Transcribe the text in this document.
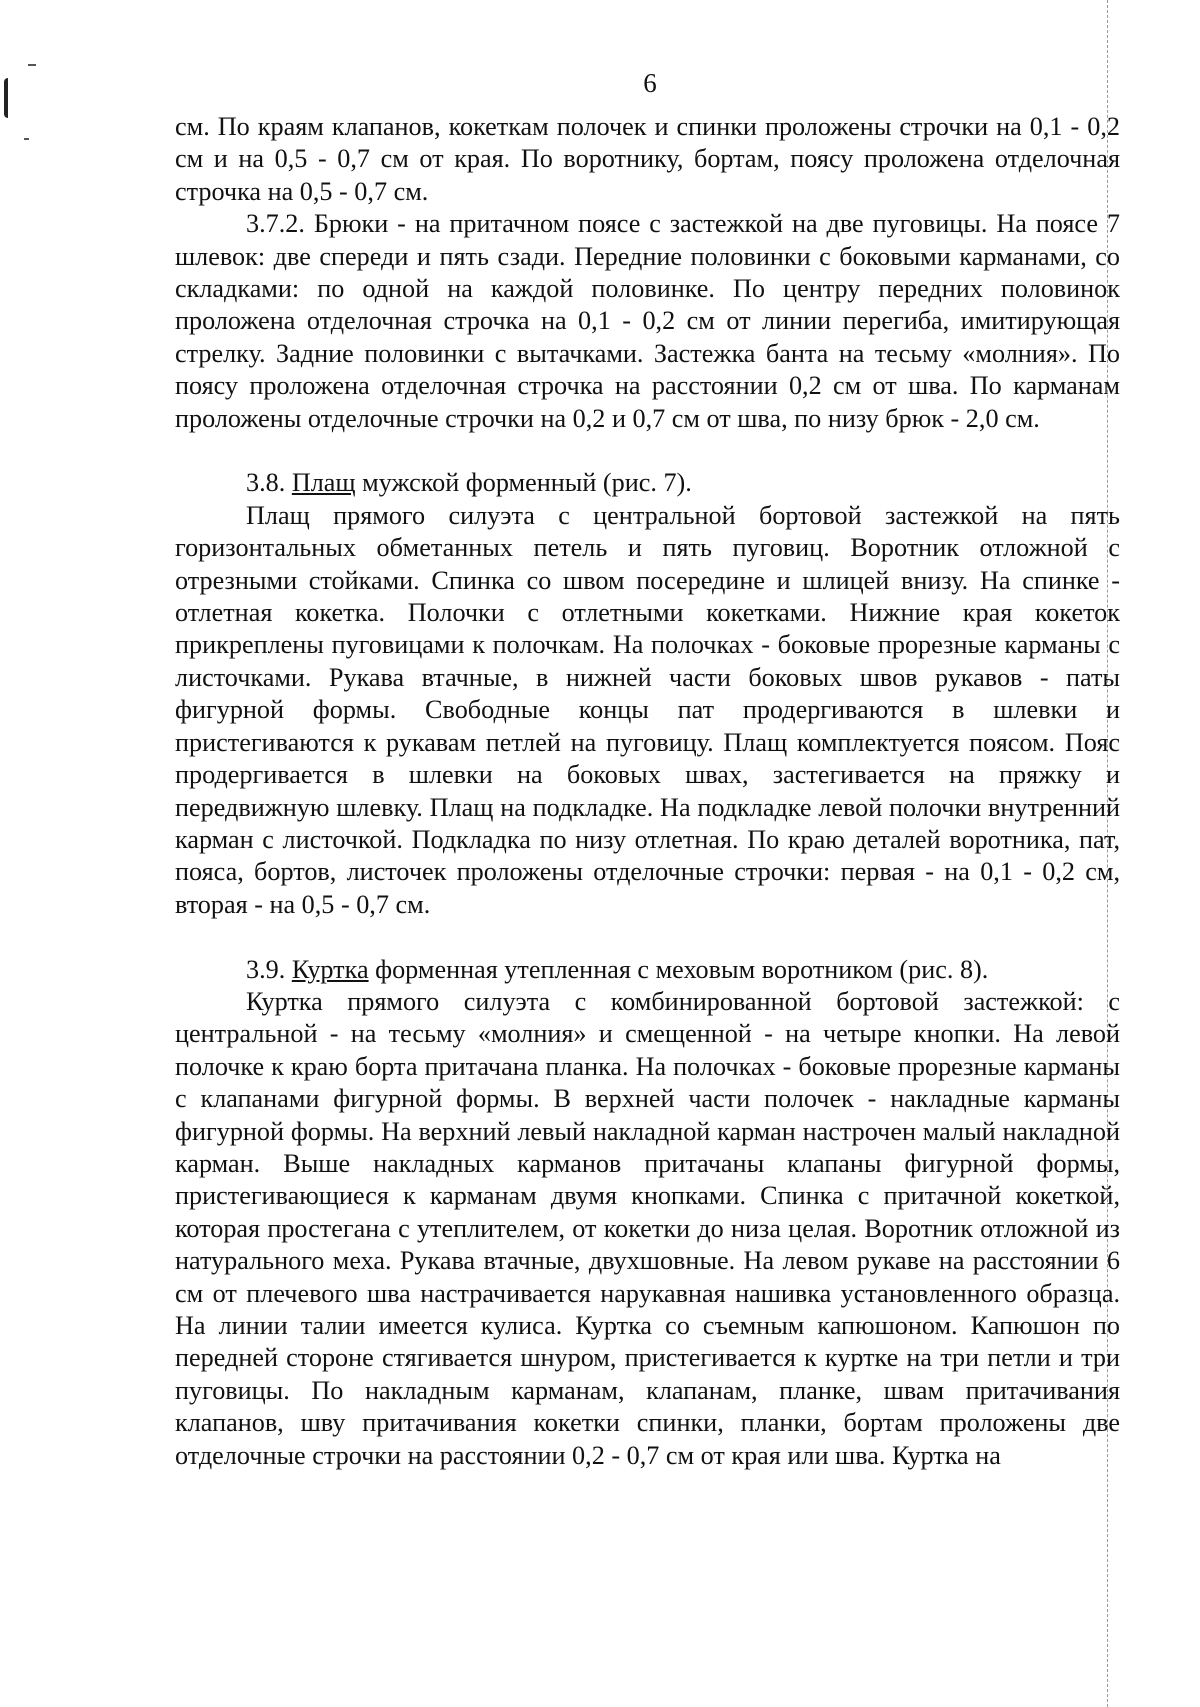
6

см. По краям клапанов, кокеткам полочек и спинки проложены строчки на 0,1 - 0,2 см и на 0,5 - 0,7 см от края. По воротнику, бортам, поясу проложена отделочная строчка на 0,5 - 0,7 см.

3.7.2. Брюки - на притачном поясе с застежкой на две пуговицы. На поясе 7 шлевок: две спереди и пять сзади. Передние половинки с боковыми карманами, со складками: по одной на каждой половинке. По центру передних половинок проложена отделочная строчка на 0,1 - 0,2 см от линии перегиба, имитирующая стрелку. Задние половинки с вытачками. Застежка банта на тесьму «молния». По поясу проложена отделочная строчка на расстоянии 0,2 см от шва. По карманам проложены отделочные строчки на 0,2 и 0,7 см от шва, по низу брюк - 2,0 см.

3.8. Плащ мужской форменный (рис. 7).

Плащ прямого силуэта с центральной бортовой застежкой на пять горизонтальных обметанных петель и пять пуговиц. Воротник отложной с отрезными стойками. Спинка со швом посередине и шлицей внизу. На спинке - отлетная кокетка. Полочки с отлетными кокетками. Нижние края кокеток прикреплены пуговицами к полочкам. На полочках - боковые прорезные карманы с листочками. Рукава втачные, в нижней части боковых швов рукавов - паты фигурной формы. Свободные концы пат продергиваются в шлевки и пристегиваются к рукавам петлей на пуговицу. Плащ комплектуется поясом. Пояс продергивается в шлевки на боковых швах, застегивается на пряжку и передвижную шлевку. Плащ на подкладке. На подкладке левой полочки внутренний карман с листочкой. Подкладка по низу отлетная. По краю деталей воротника, пат, пояса, бортов, листочек проложены отделочные строчки: первая - на 0,1 - 0,2 см, вторая - на 0,5 - 0,7 см.

3.9. Куртка форменная утепленная с меховым воротником (рис. 8).

Куртка прямого силуэта с комбинированной бортовой застежкой: с центральной - на тесьму «молния» и смещенной - на четыре кнопки. На левой полочке к краю борта притачана планка. На полочках - боковые прорезные карманы с клапанами фигурной формы. В верхней части полочек - накладные карманы фигурной формы. На верхний левый накладной карман настрочен малый накладной карман. Выше накладных карманов притачаны клапаны фигурной формы, пристегивающиеся к карманам двумя кнопками. Спинка с притачной кокеткой, которая простегана с утеплителем, от кокетки до низа целая. Воротник отложной из натурального меха. Рукава втачные, двухшовные. На левом рукаве на расстоянии 6 см от плечевого шва настрачивается нарукавная нашивка установленного образца. На линии талии имеется кулиса. Куртка со съемным капюшоном. Капюшон по передней стороне стягивается шнуром, пристегивается к куртке на три петли и три пуговицы. По накладным карманам, клапанам, планке, швам притачивания клапанов, шву притачивания кокетки спинки, планки, бортам проложены две отделочные строчки на расстоянии 0,2 - 0,7 см от края или шва. Куртка на
